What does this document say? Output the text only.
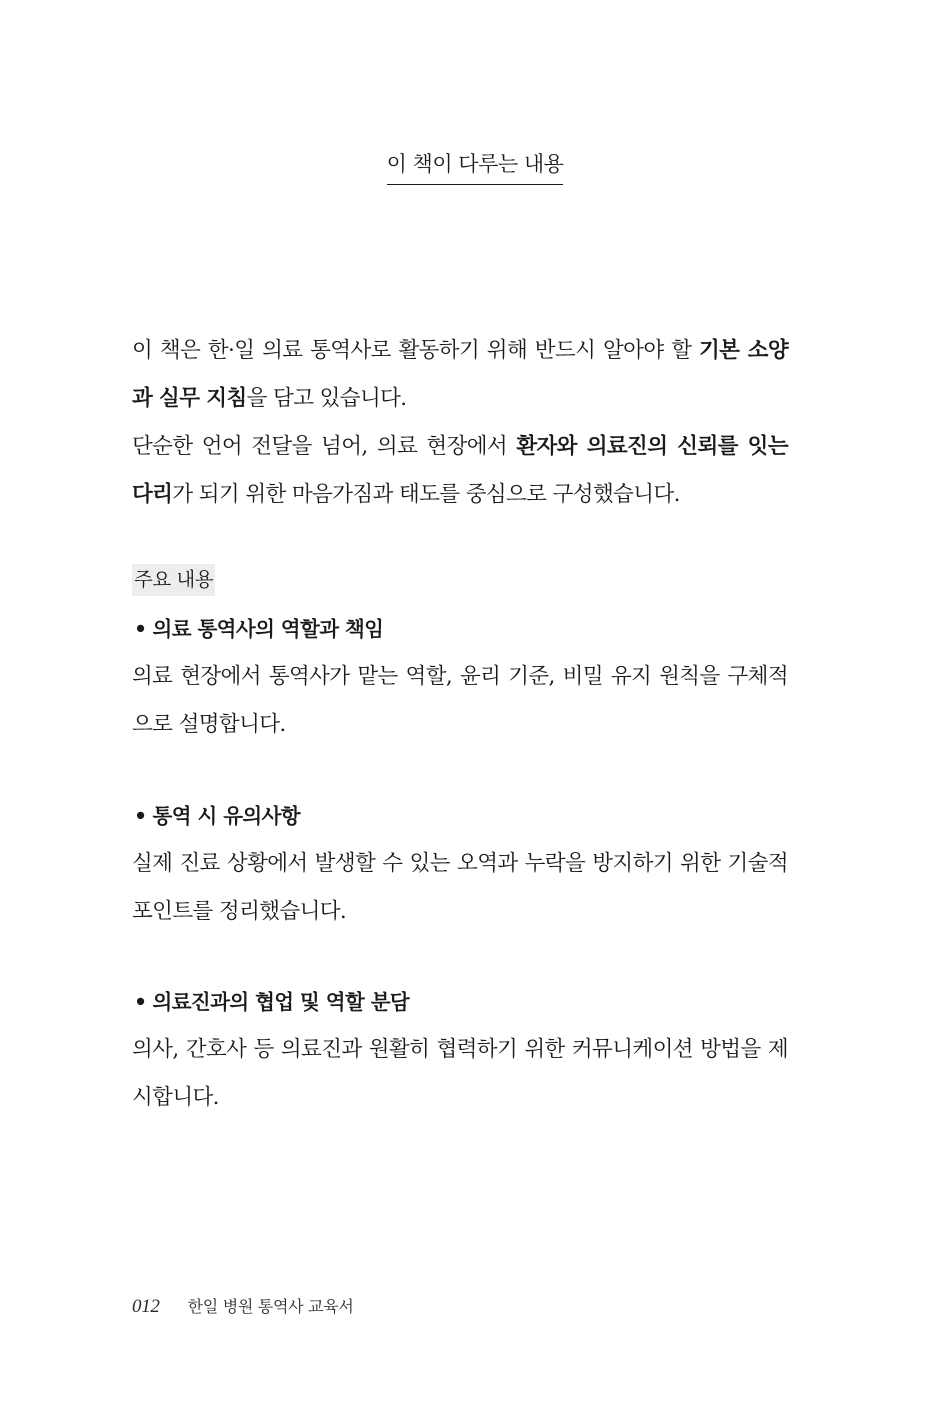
이 책이 다루는 내용

이 책은 한·일 의료 통역사로 활동하기 위해 반드시 알아야 할 기본 소양과 실무 지침을 담고 있습니다.

단순한 언어 전달을 넘어, 의료 현장에서 환자와 의료진의 신뢰를 잇는 다리가 되기 위한 마음가짐과 태도를 중심으로 구성했습니다.

주요 내용
• 의료 통역사의 역할과 책임
의료 현장에서 통역사가 맡는 역할, 윤리 기준, 비밀 유지 원칙을 구체적으로 설명합니다.
• 통역 시 유의사항
실제 진료 상황에서 발생할 수 있는 오역과 누락을 방지하기 위한 기술적 포인트를 정리했습니다.
• 의료진과의 협업 및 역할 분담
의사, 간호사 등 의료진과 원활히 협력하기 위한 커뮤니케이션 방법을 제시합니다.
012 한일 병원 통역사 교육서
